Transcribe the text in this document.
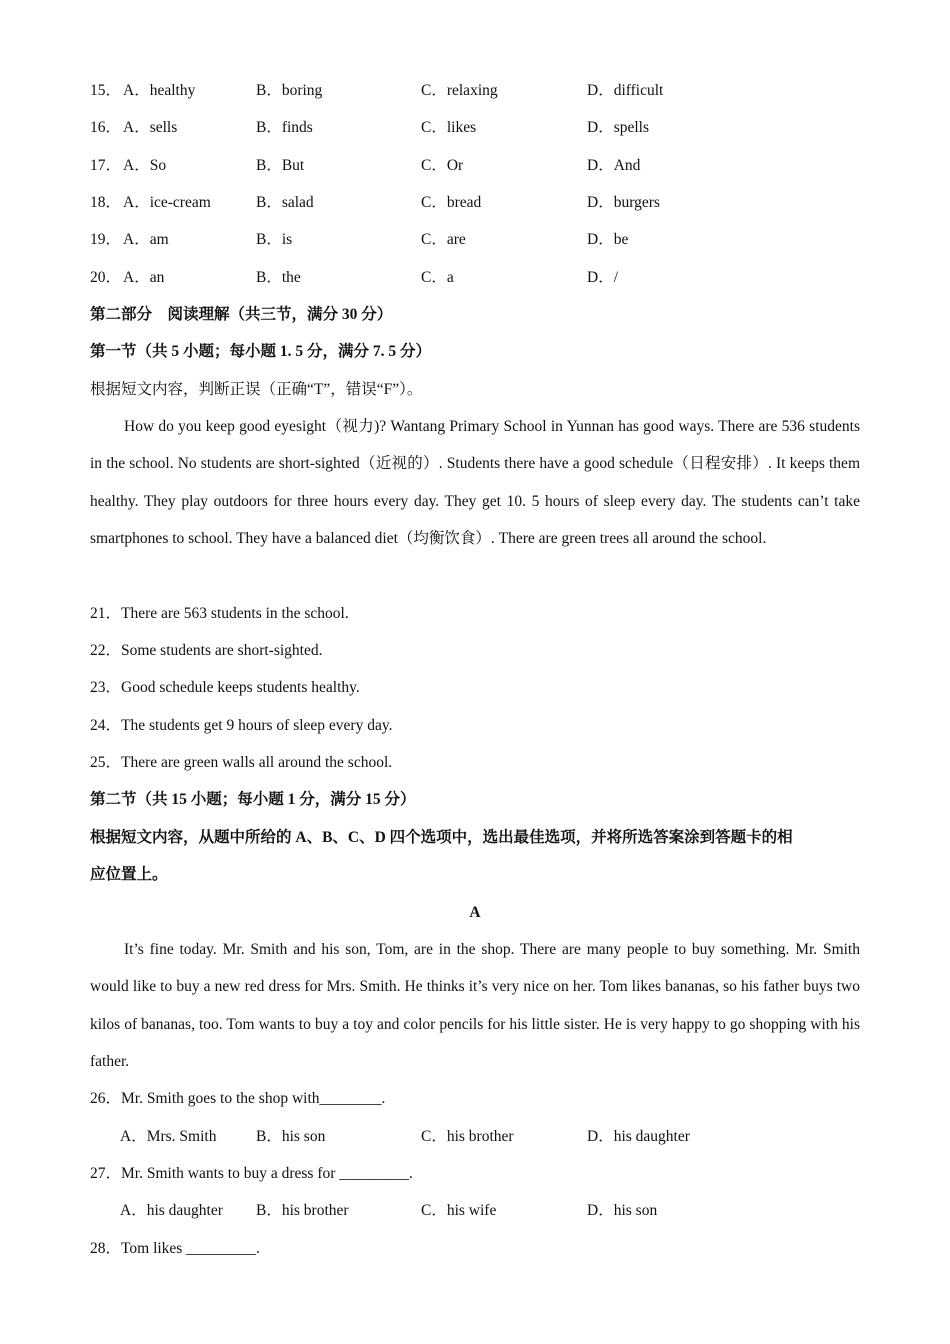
15． A．healthy	B．boring	C．relaxing	D．difficult
16． A．sells	B．finds	C．likes	D．spells
17． A．So	B．But	C．Or	D．And
18． A．ice-cream	B．salad	C．bread	D．burgers
19． A．am	B．is	C．are	D．be
20． A．an	B．the	C．a	D．/
第二部分　阅读理解（共三节，满分 30 分）
第一节（共 5 小题；每小题 1. 5 分，满分 7. 5 分）
根据短文内容，判断正误（正确“T”，错误“F”）。

How do you keep good eyesight（视力)? Wantang Primary School in Yunnan has good ways. There are 536 students in the school. No students are short-sighted（近视的）. Students there have a good schedule（日程安排）. It keeps them healthy. They play outdoors for three hours every day. They get 10. 5 hours of sleep every day. The students can’t take smartphones to school. They have a balanced diet（均衡饮食）. There are green trees all around the school.

21．There are 563 students in the school.
22．Some students are short-sighted.
23．Good schedule keeps students healthy.
24．The students get 9 hours of sleep every day.
25．There are green walls all around the school.
第二节（共 15 小题；每小题 1 分，满分 15 分）
根据短文内容，从题中所给的 A、B、C、D 四个选项中，选出最佳选项，并将所选答案涂到答题卡的相
应位置上。
A

It’s fine today. Mr. Smith and his son, Tom, are in the shop. There are many people to buy something. Mr. Smith would like to buy a new red dress for Mrs. Smith. He thinks it’s very nice on her. Tom likes bananas, so his father buys two kilos of bananas, too. Tom wants to buy a toy and color pencils for his little sister. He is very happy to go shopping with his father.

26．Mr. Smith goes to the shop with________.
A．Mrs. Smith	B．his son	C．his brother	D．his daughter
27．Mr. Smith wants to buy a dress for _________.
A．his daughter B．his brother	C．his wife	D．his son
28．Tom likes _________.
